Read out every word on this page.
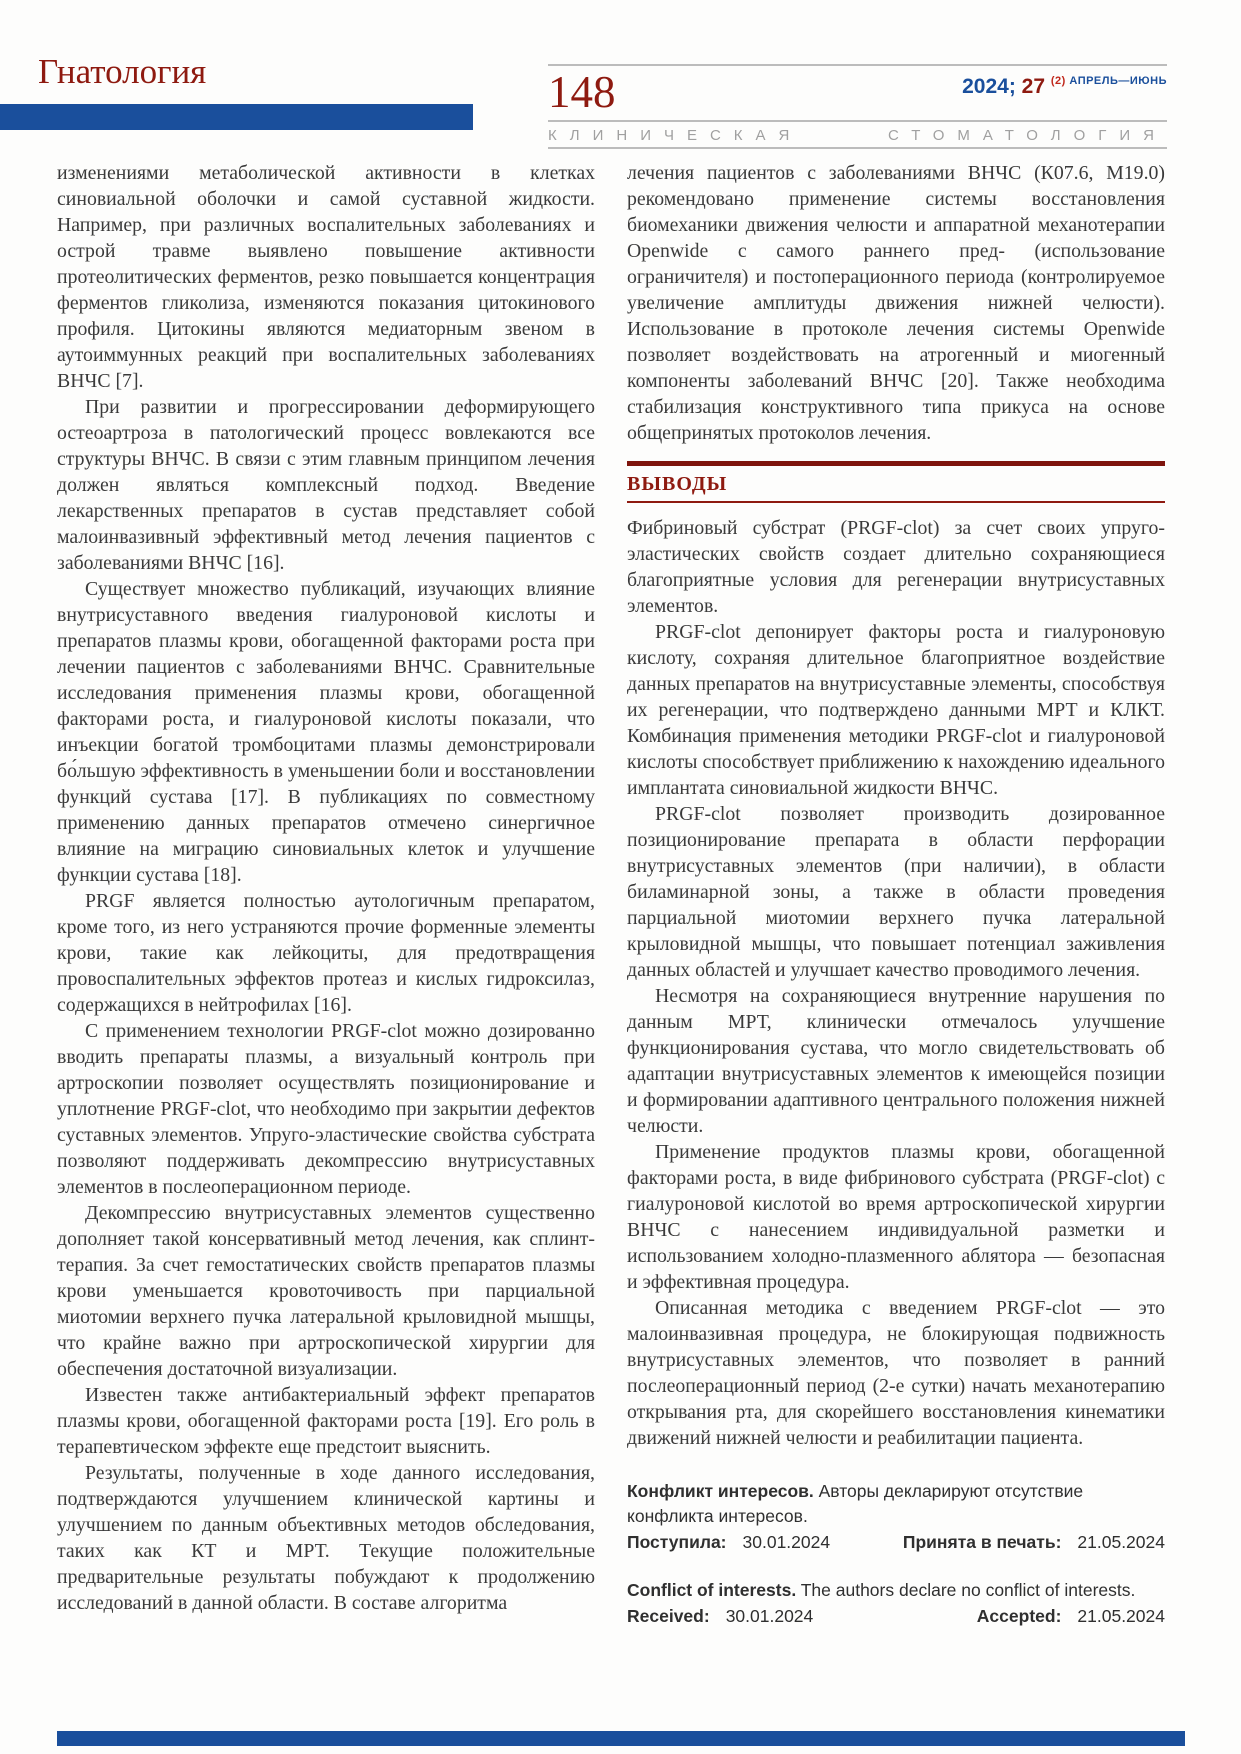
Гнатология	148	2024; 27 $^{(2) АПРЕЛЬ—ИЮНЬ}$
КЛИНИЧЕСКАЯ	СТОМАТОЛОГИЯ

изменениями метаболической активности в клетках синовиальной оболочки и самой суставной жидкости. Например, при различных воспалительных заболеваниях и острой травме выявлено повышение активности протеолитических ферментов, резко повышается концентрация ферментов гликолиза, изменяются показания цитокинового профиля. Цитокины являются медиаторным звеном в аутоиммунных реакций при воспалительных заболеваниях ВНЧС [7].

При развитии и прогрессировании деформирующего остеоартроза в патологический процесс вовлекаются все структуры ВНЧС. В связи с этим главным принципом лечения должен являться комплексный подход. Введение лекарственных препаратов в сустав представляет собой малоинвазивный эффективный метод лечения пациентов с заболеваниями ВНЧС [16].

Существует множество публикаций, изучающих влияние внутрисуставного введения гиалуроновой кислоты и препаратов плазмы крови, обогащенной факторами роста при лечении пациентов с заболеваниями ВНЧС. Сравнительные исследования применения плазмы крови, обогащенной факторами роста, и гиалуроновой кислоты показали, что инъекции богатой тромбоцитами плазмы демонстрировали бо́льшую эффективность в уменьшении боли и восстановлении функций сустава [17]. В публикациях по совместному применению данных препаратов отмечено синергичное влияние на миграцию синовиальных клеток и улучшение функции сустава [18].

PRGF является полностью аутологичным препаратом, кроме того, из него устраняются прочие форменные элементы крови, такие как лейкоциты, для предотвращения провоспалительных эффектов протеаз и кислых гидроксилаз, содержащихся в нейтрофилах [16].

С применением технологии PRGF-clot можно дозированно вводить препараты плазмы, а визуальный контроль при артроскопии позволяет осуществлять позиционирование и уплотнение PRGF-clot, что необходимо при закрытии дефектов суставных элементов. Упруго-эластические свойства субстрата позволяют поддерживать декомпрессию внутрисуставных элементов в послеоперационном периоде.

Декомпрессию внутрисуставных элементов существенно дополняет такой консервативный метод лечения, как сплинт-терапия. За счет гемостатических свойств препаратов плазмы крови уменьшается кровоточивость при парциальной миотомии верхнего пучка латеральной крыловидной мышцы, что крайне важно при артроскопической хирургии для обеспечения достаточной визуализации.

Известен также антибактериальный эффект препаратов плазмы крови, обогащенной факторами роста [19]. Его роль в терапевтическом эффекте еще предстоит выяснить.

Результаты, полученные в ходе данного исследования, подтверждаются улучшением клинической картины и улучшением по данным объективных методов обследования, таких как КТ и МРТ. Текущие положительные предварительные результаты побуждают к продолжению исследований в данной области. В составе алгоритма

лечения пациентов с заболеваниями ВНЧС (К07.6, М19.0) рекомендовано применение системы восстановления биомеханики движения челюсти и аппаратной механотерапии Openwide с самого раннего пред- (использование ограничителя) и постоперационного периода (контролируемое увеличение амплитуды движения нижней челюсти). Использование в протоколе лечения системы Openwide позволяет воздействовать на атрогенный и миогенный компоненты заболеваний ВНЧС [20]. Также необходима стабилизация конструктивного типа прикуса на основе общепринятых протоколов лечения.

ВЫВОДЫ

Фибриновый субстрат (PRGF-clot) за счет своих упруго-эластических свойств создает длительно сохраняющиеся благоприятные условия для регенерации внутрисуставных элементов.

PRGF-clot депонирует факторы роста и гиалуроновую кислоту, сохраняя длительное благоприятное воздействие данных препаратов на внутрисуставные элементы, способствуя их регенерации, что подтверждено данными МРТ и КЛКТ. Комбинация применения методики PRGF-clot и гиалуроновой кислоты способствует приближению к нахождению идеального имплантата синовиальной жидкости ВНЧС.

PRGF-clot позволяет производить дозированное позиционирование препарата в области перфорации внутрисуставных элементов (при наличии), в области биламинарной зоны, а также в области проведения парциальной миотомии верхнего пучка латеральной крыловидной мышцы, что повышает потенциал заживления данных областей и улучшает качество проводимого лечения.

Несмотря на сохраняющиеся внутренние нарушения по данным МРТ, клинически отмечалось улучшение функционирования сустава, что могло свидетельствовать об адаптации внутрисуставных элементов к имеющейся позиции и формировании адаптивного центрального положения нижней челюсти.

Применение продуктов плазмы крови, обогащенной факторами роста, в виде фибринового субстрата (PRGF-clot) с гиалуроновой кислотой во время артроскопической хирургии ВНЧС с нанесением индивидуальной разметки и использованием холодно-плазменного аблятора — безопасная и эффективная процедура.

Описанная методика с введением PRGF-clot — это малоинвазивная процедура, не блокирующая подвижность внутрисуставных элементов, что позволяет в ранний послеоперационный период (2-е сутки) начать механотерапию открывания рта, для скорейшего восстановления кинематики движений нижней челюсти и реабилитации пациента.

Конфликт интересов. Авторы декларируют отсутствие конфликта интересов.

Поступила: 30.01.2024	Принята в печать: 21.05.2024

Conflict of interests. The authors declare no conflict of interests.

Received: 30.01.2024	Accepted: 21.05.2024
